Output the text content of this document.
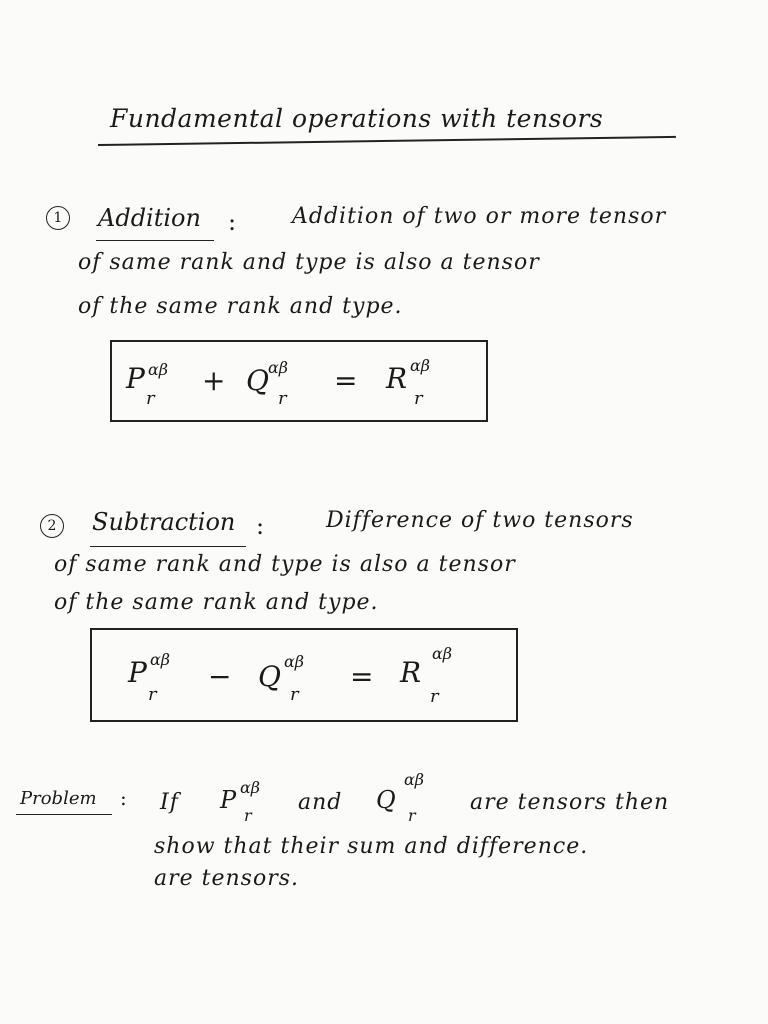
Fundamental operations with tensors
1	Addition :	Addition of two or more tensor
of same rank and type is also a tensor
of the same rank and type.
P αβ
r
+ Q αβ
r
= R αβ
r
2	Subtraction :	Difference of two tensors
of same rank and type is also a tensor
of the same rank and type.
P αβ
r
− Q αβ
r
= R
αβ
r
Problem : If P αβ
r
and Q
αβ
r
are tensors then
show that their sum and difference.
are tensors.
